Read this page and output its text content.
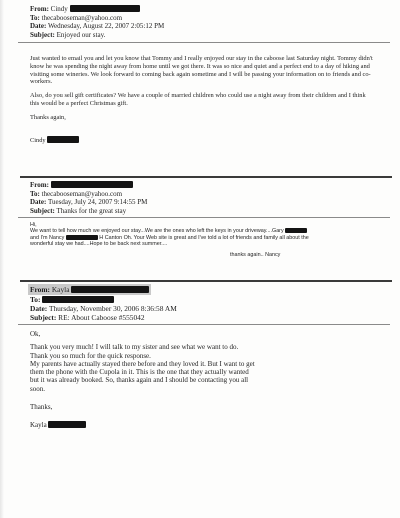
From: Cindy
To: thecabooseman@yahoo.com
Date: Wednesday, August 22, 2007 2:05:12 PM
Subject: Enjoyed our stay.

Just wanted to email you and let you know that Tommy and I really enjoyed our stay in the caboose last Saturday night. Tommy didn't know he was spending the night away from home until we got there. It was so nice and quiet and a perfect end to a day of hiking and visiting some wineries. We look forward to coming back again sometime and I will be passing your information on to friends and co-workers.

Also, do you sell gift certificates? We have a couple of married children who could use a night away from their children and I think this would be a perfect Christmas gift.

Thanks again,

Cindy
From:
To: thecabooseman@yahoo.com
Date: Tuesday, July 24, 2007 9:14:55 PM
Subject: Thanks for the great stay
Hi,
We want to tell how much we enjoyed our stay...We are the ones who left the keys in your driveway....Gary
and I'm Nancy	H Canton Oh. Your Web site is great and I've told a lot of friends and family all about the
wonderful stay we had....Hope to be back next summer....
thanks again.. Nancy
From: Kayla
To:
Date: Thursday, November 30, 2006 8:36:58 AM
Subject: RE: About Caboose #555042

Ok,

Thank you very much! I will talk to my sister and see what we want to do. Thank you so much for the quick response.

My parents have actually stayed there before and they loved it. But I want to get them the phone with the Cupola in it. This is the one that they actually wanted but it was already booked. So, thanks again and I should be contacting you all soon.

Thanks,

Kayla
